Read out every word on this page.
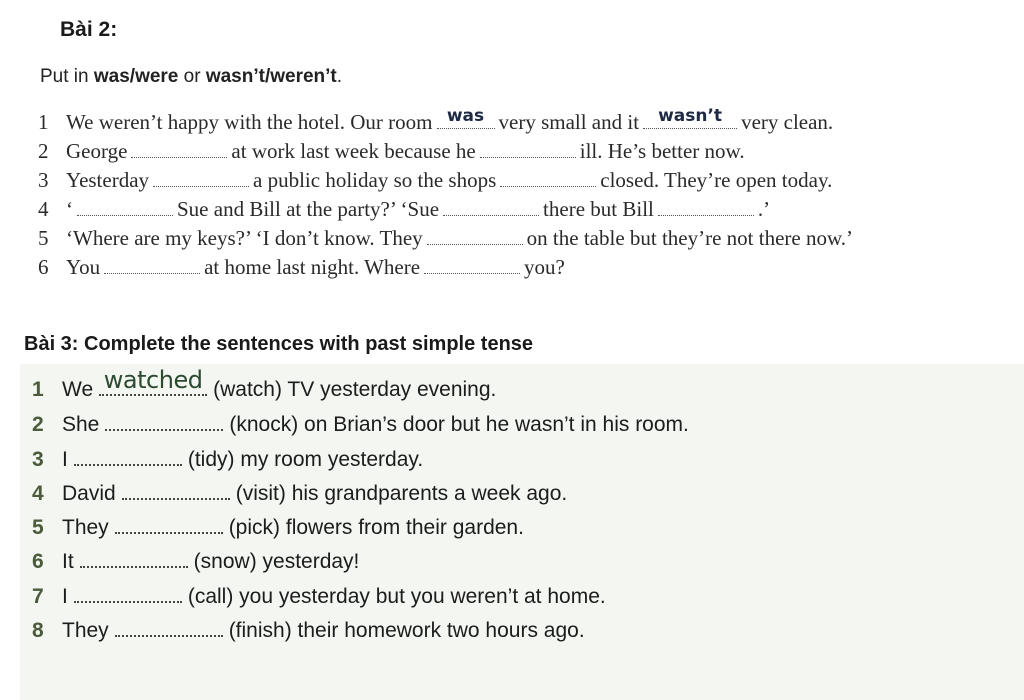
Bài 2:
Put in was/were or wasn’t/weren’t.
1 We weren’t happy with the hotel. Our room was very small and it	wasn’t very clean.
2 George	at work last week because he	ill. He’s better now.
3 Yesterday	a public holiday so the shops	closed. They’re open today.
4 ‘	Sue and Bill at the party?’ ‘Sue	there but Bill	.’
5 ‘Where are my keys?’ ‘I don’t know. They	on the table but they’re not there now.’
6 You	at home last night. Where	you?
Bài 3: Complete the sentences with past simple tense
1 We watched (watch) TV yesterday evening.
2 She	(knock) on Brian’s door but he wasn’t in his room.
3 I	(tidy) my room yesterday.
4 David	(visit) his grandparents a week ago.
5 They	(pick) flowers from their garden.
6 It	(snow) yesterday!
7 I	(call) you yesterday but you weren’t at home.
8 They	(finish) their homework two hours ago.
